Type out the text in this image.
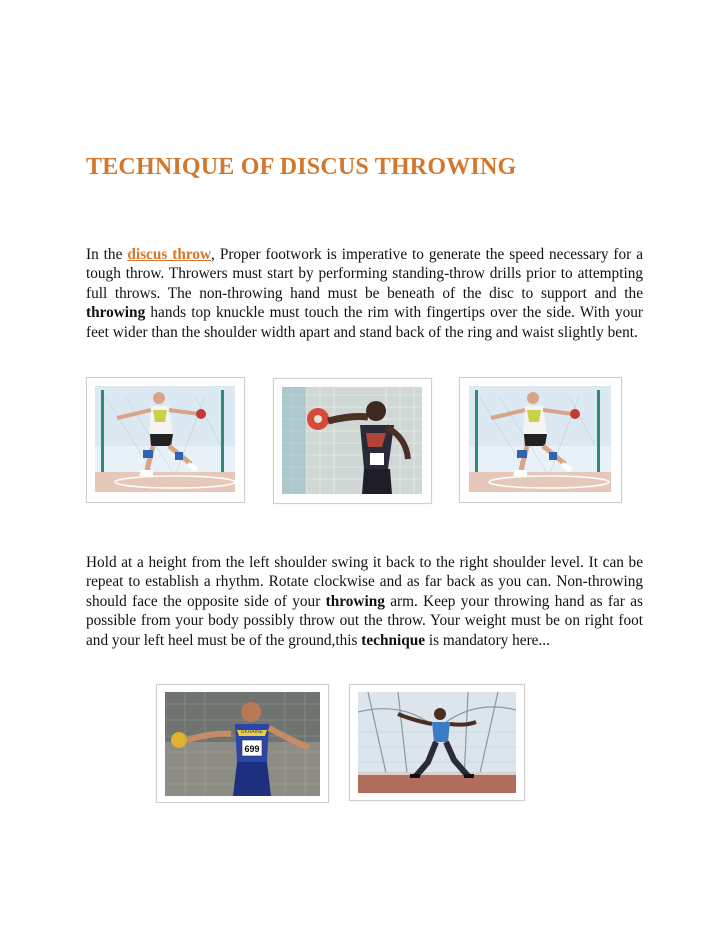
TECHNIQUE OF DISCUS THROWING

In the discus throw, Proper footwork is imperative to generate the speed necessary for a tough throw. Throwers must start by performing standing-throw drills prior to attempting full throws. The non-throwing hand must be beneath of the disc to support and the throwing hands top knuckle must touch the rim with fingertips over the side. With your feet wider than the shoulder width apart and stand back of the ring and waist slightly bent.

Hold at a height from the left shoulder swing it back to the right shoulder level. It can be repeat to establish a rhythm. Rotate clockwise and as far back as you can. Non-throwing should face the opposite side of your throwing arm. Keep your throwing hand as far as possible from your body possibly throw out the throw. Your weight must be on right foot and your left heel must be of the ground,this technique is mandatory here...

UKRAINE
699
